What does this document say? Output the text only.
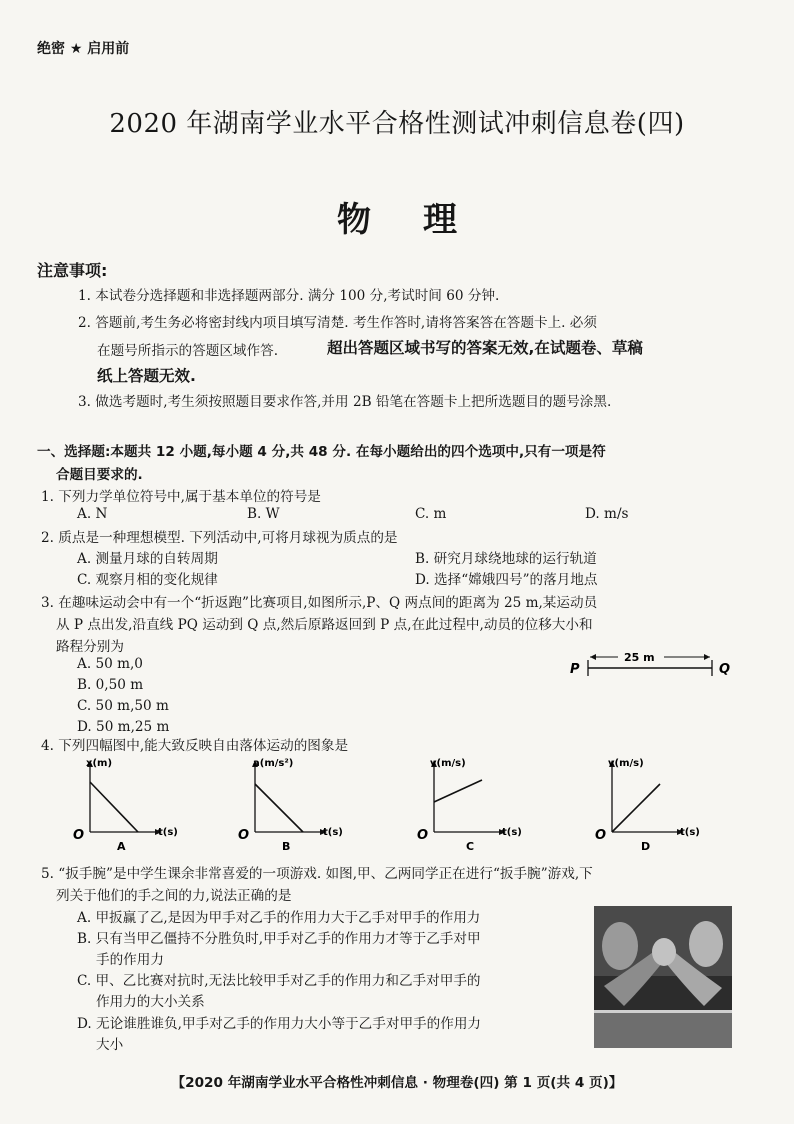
绝密 ★ 启用前
2020 年湖南学业水平合格性测试冲刺信息卷(四)
物理
注意事项:
1. 本试卷分选择题和非选择题两部分. 满分 100 分,考试时间 60 分钟.
2. 答题前,考生务必将密封线内项目填写清楚. 考生作答时,请将答案答在答题卡上. 必须
在题号所指示的答题区域作答.	超出答题区域书写的答案无效,在试题卷、草稿
纸上答题无效.
3. 做选考题时,考生须按照题目要求作答,并用 2B 铅笔在答题卡上把所选题目的题号涂黑.
一、选择题:本题共 12 小题,每小题 4 分,共 48 分. 在每小题给出的四个选项中,只有一项是符
合题目要求的.
1. 下列力学单位符号中,属于基本单位的符号是
A. N	B. W	C. m	D. m/s
2. 质点是一种理想模型. 下列活动中,可将月球视为质点的是
A. 测量月球的自转周期	B. 研究月球绕地球的运行轨道
C. 观察月相的变化规律	D. 选择“嫦娥四号”的落月地点
3. 在趣味运动会中有一个“折返跑”比赛项目,如图所示,P、Q 两点间的距离为 25 m,某运动员
从 P 点出发,沿直线 PQ 运动到 Q 点,然后原路返回到 P 点,在此过程中,动员的位移大小和
路程分别为
A. 50 m,0
B. 0,50 m
C. 50 m,50 m
D. 50 m,25 m
P
25 m
Q
4. 下列四幅图中,能大致反映自由落体运动的图象是
x(m)
t(s)
O
A
a(m/s²)
t(s)
O
B
v(m/s)
t(s)
O
C
v(m/s)
t(s)
O
D
5. “扳手腕”是中学生课余非常喜爱的一项游戏. 如图,甲、乙两同学正在进行“扳手腕”游戏,下
列关于他们的手之间的力,说法正确的是
A. 甲扳赢了乙,是因为甲手对乙手的作用力大于乙手对甲手的作用力
B. 只有当甲乙僵持不分胜负时,甲手对乙手的作用力才等于乙手对甲
手的作用力
C. 甲、乙比赛对抗时,无法比较甲手对乙手的作用力和乙手对甲手的
作用力的大小关系
D. 无论谁胜谁负,甲手对乙手的作用力大小等于乙手对甲手的作用力
大小
【2020 年湖南学业水平合格性冲刺信息 · 物理卷(四) 第 1 页(共 4 页)】
